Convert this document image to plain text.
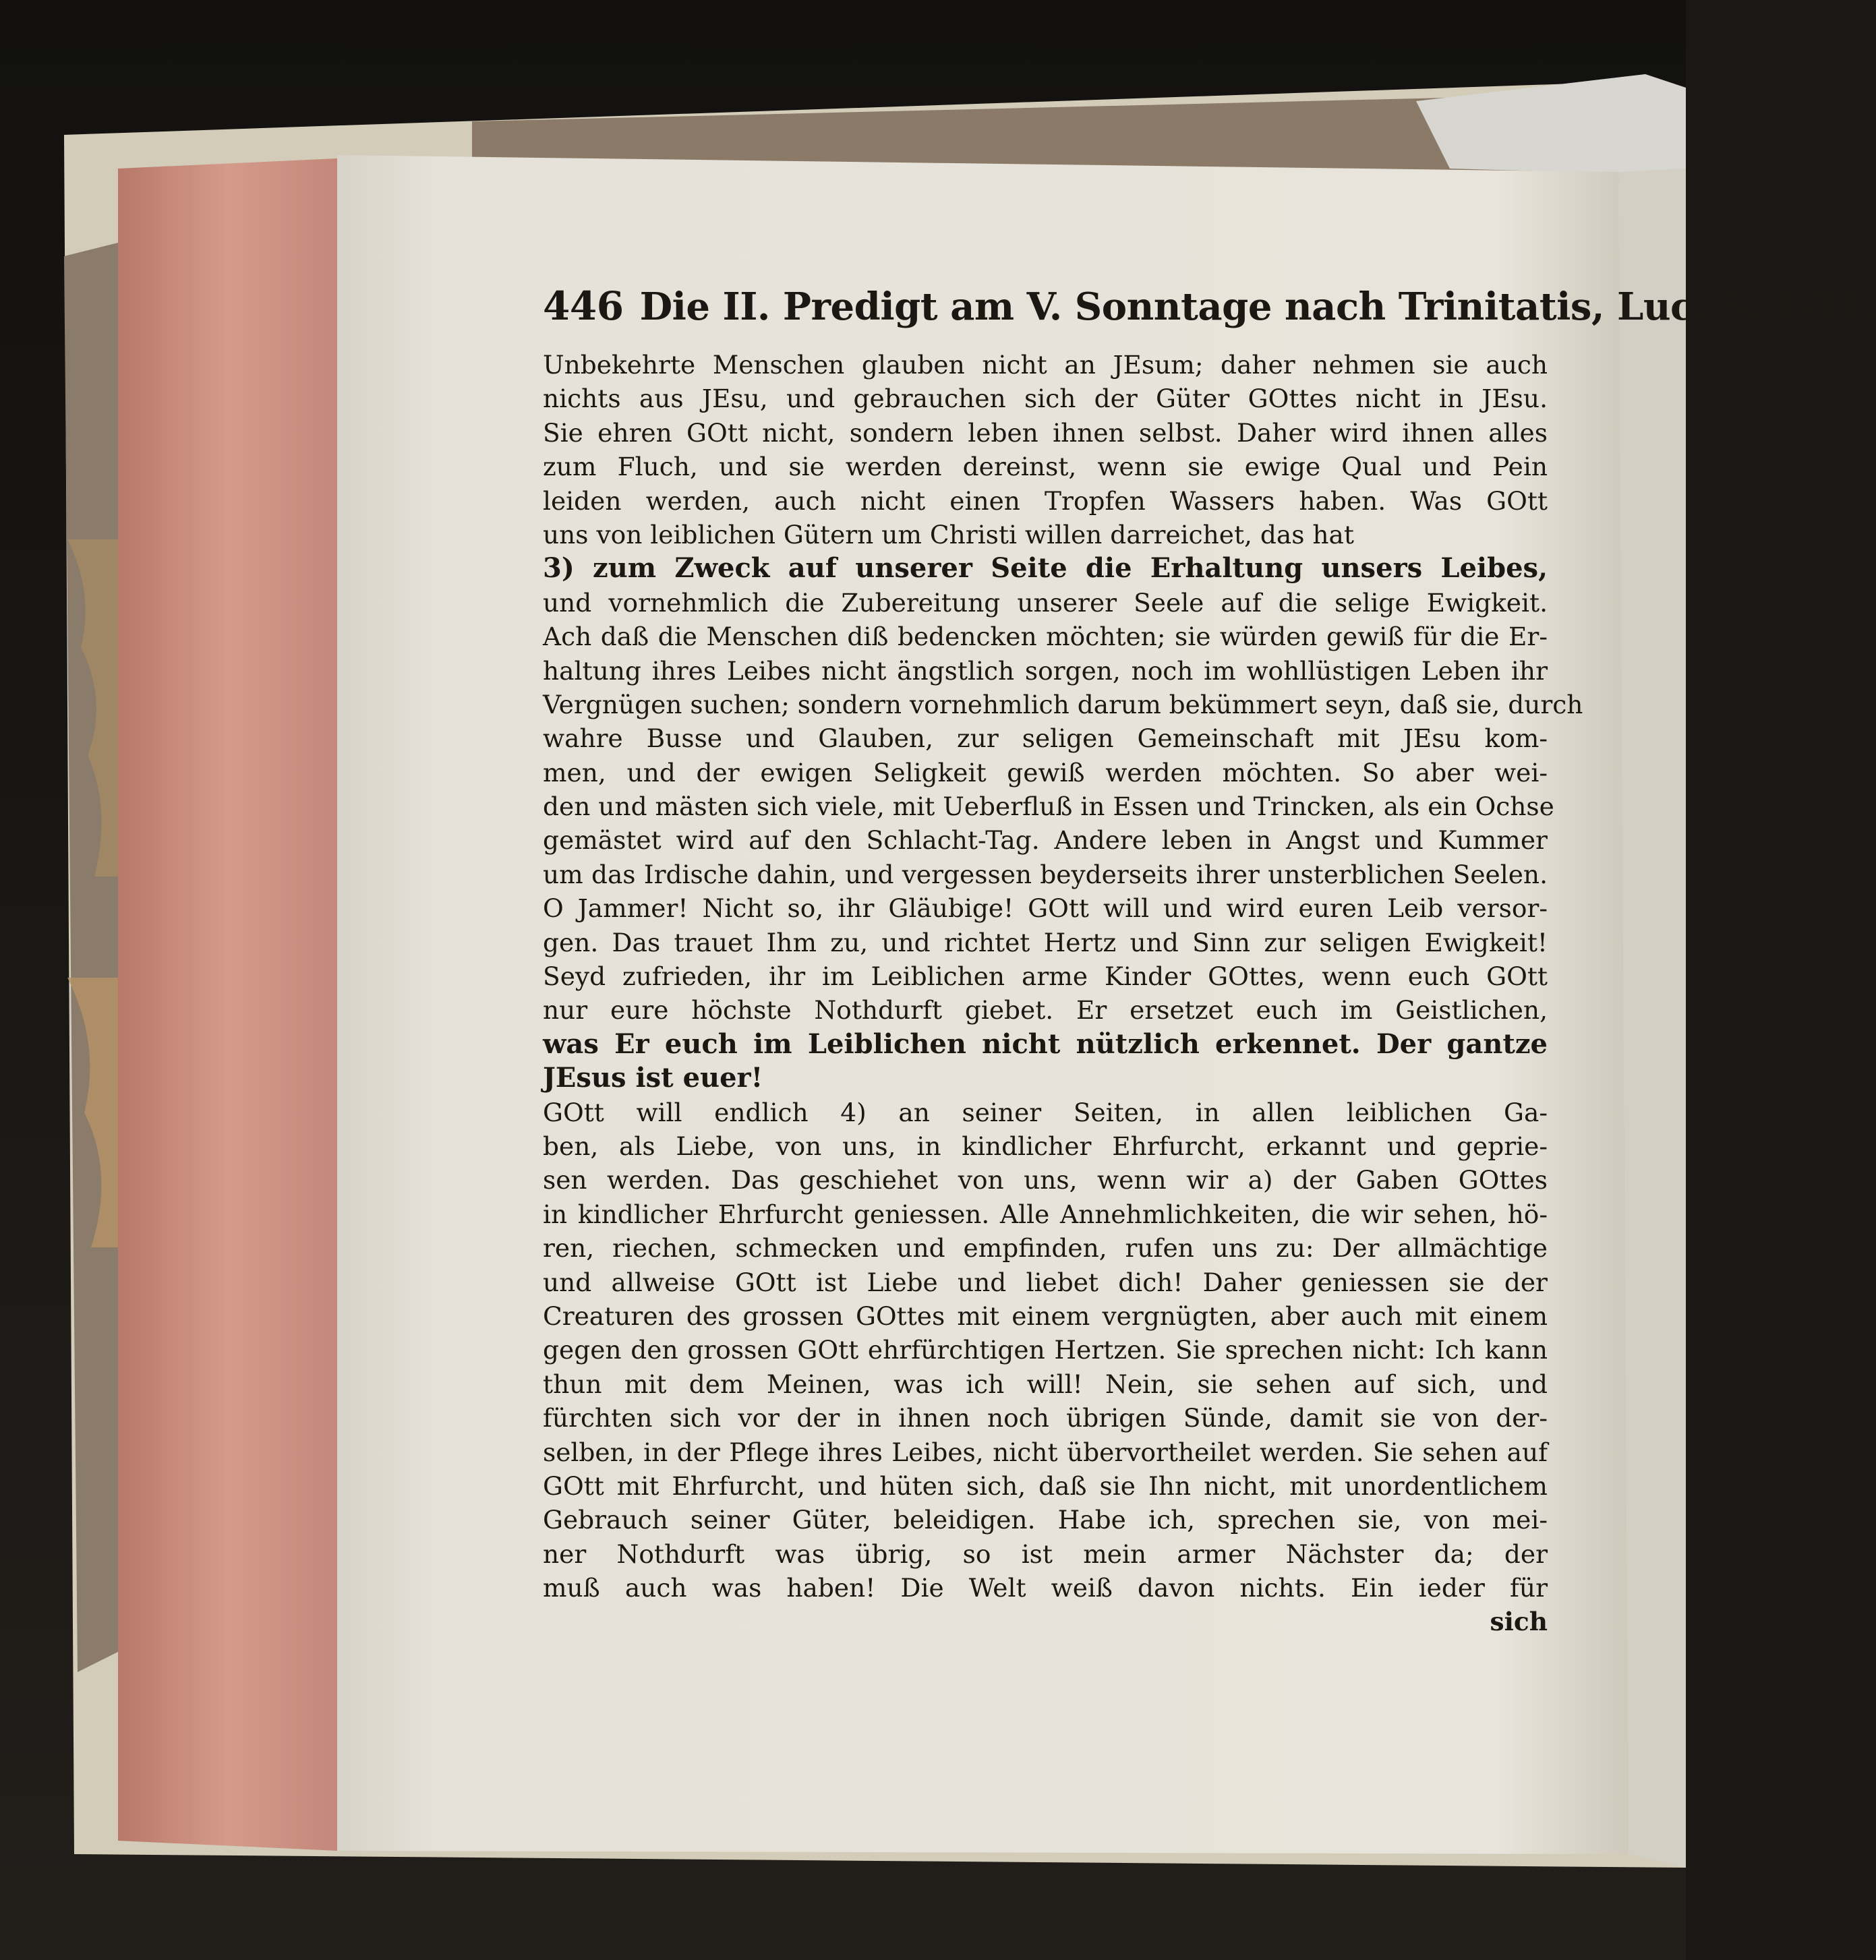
446 Die II. Predigt am V. Sonntage nach Trinitatis, Luc. 5, 1-11.
Unbekehrte Menschen glauben nicht an JEsum; daher nehmen sie auch
nichts aus JEsu, und gebrauchen sich der Güter GOttes nicht in JEsu.
Sie ehren GOtt nicht, sondern leben ihnen selbst. Daher wird ihnen alles
zum Fluch, und sie werden dereinst, wenn sie ewige Qual und Pein
leiden werden, auch nicht einen Tropfen Wassers haben. Was GOtt
uns von leiblichen Gütern um Christi willen darreichet, das hat
3) zum Zweck auf unserer Seite die Erhaltung unsers Leibes,
und vornehmlich die Zubereitung unserer Seele auf die selige Ewigkeit.
Ach daß die Menschen diß bedencken möchten; sie würden gewiß für die Er-
haltung ihres Leibes nicht ängstlich sorgen, noch im wohllüstigen Leben ihr
Vergnügen suchen; sondern vornehmlich darum bekümmert seyn, daß sie, durch
wahre Busse und Glauben, zur seligen Gemeinschaft mit JEsu kom-
men, und der ewigen Seligkeit gewiß werden möchten. So aber wei-
den und mästen sich viele, mit Ueberfluß in Essen und Trincken, als ein Ochse
gemästet wird auf den Schlacht-Tag. Andere leben in Angst und Kummer
um das Irdische dahin, und vergessen beyderseits ihrer unsterblichen Seelen.
O Jammer! Nicht so, ihr Gläubige! GOtt will und wird euren Leib versor-
gen. Das trauet Ihm zu, und richtet Hertz und Sinn zur seligen Ewigkeit!
Seyd zufrieden, ihr im Leiblichen arme Kinder GOttes, wenn euch GOtt
nur eure höchste Nothdurft giebet. Er ersetzet euch im Geistlichen,
was Er euch im Leiblichen nicht nützlich erkennet. Der gantze
JEsus ist euer!
GOtt will endlich 4) an seiner Seiten, in allen leiblichen Ga-
ben, als Liebe, von uns, in kindlicher Ehrfurcht, erkannt und geprie-
sen werden. Das geschiehet von uns, wenn wir a) der Gaben GOttes
in kindlicher Ehrfurcht geniessen. Alle Annehmlichkeiten, die wir sehen, hö-
ren, riechen, schmecken und empfinden, rufen uns zu: Der allmächtige
und allweise GOtt ist Liebe und liebet dich! Daher geniessen sie der
Creaturen des grossen GOttes mit einem vergnügten, aber auch mit einem
gegen den grossen GOtt ehrfürchtigen Hertzen. Sie sprechen nicht: Ich kann
thun mit dem Meinen, was ich will! Nein, sie sehen auf sich, und
fürchten sich vor der in ihnen noch übrigen Sünde, damit sie von der-
selben, in der Pflege ihres Leibes, nicht übervortheilet werden. Sie sehen auf
GOtt mit Ehrfurcht, und hüten sich, daß sie Ihn nicht, mit unordentlichem
Gebrauch seiner Güter, beleidigen. Habe ich, sprechen sie, von mei-
ner Nothdurft was übrig, so ist mein armer Nächster da; der
muß auch was haben! Die Welt weiß davon nichts. Ein ieder für
sich
